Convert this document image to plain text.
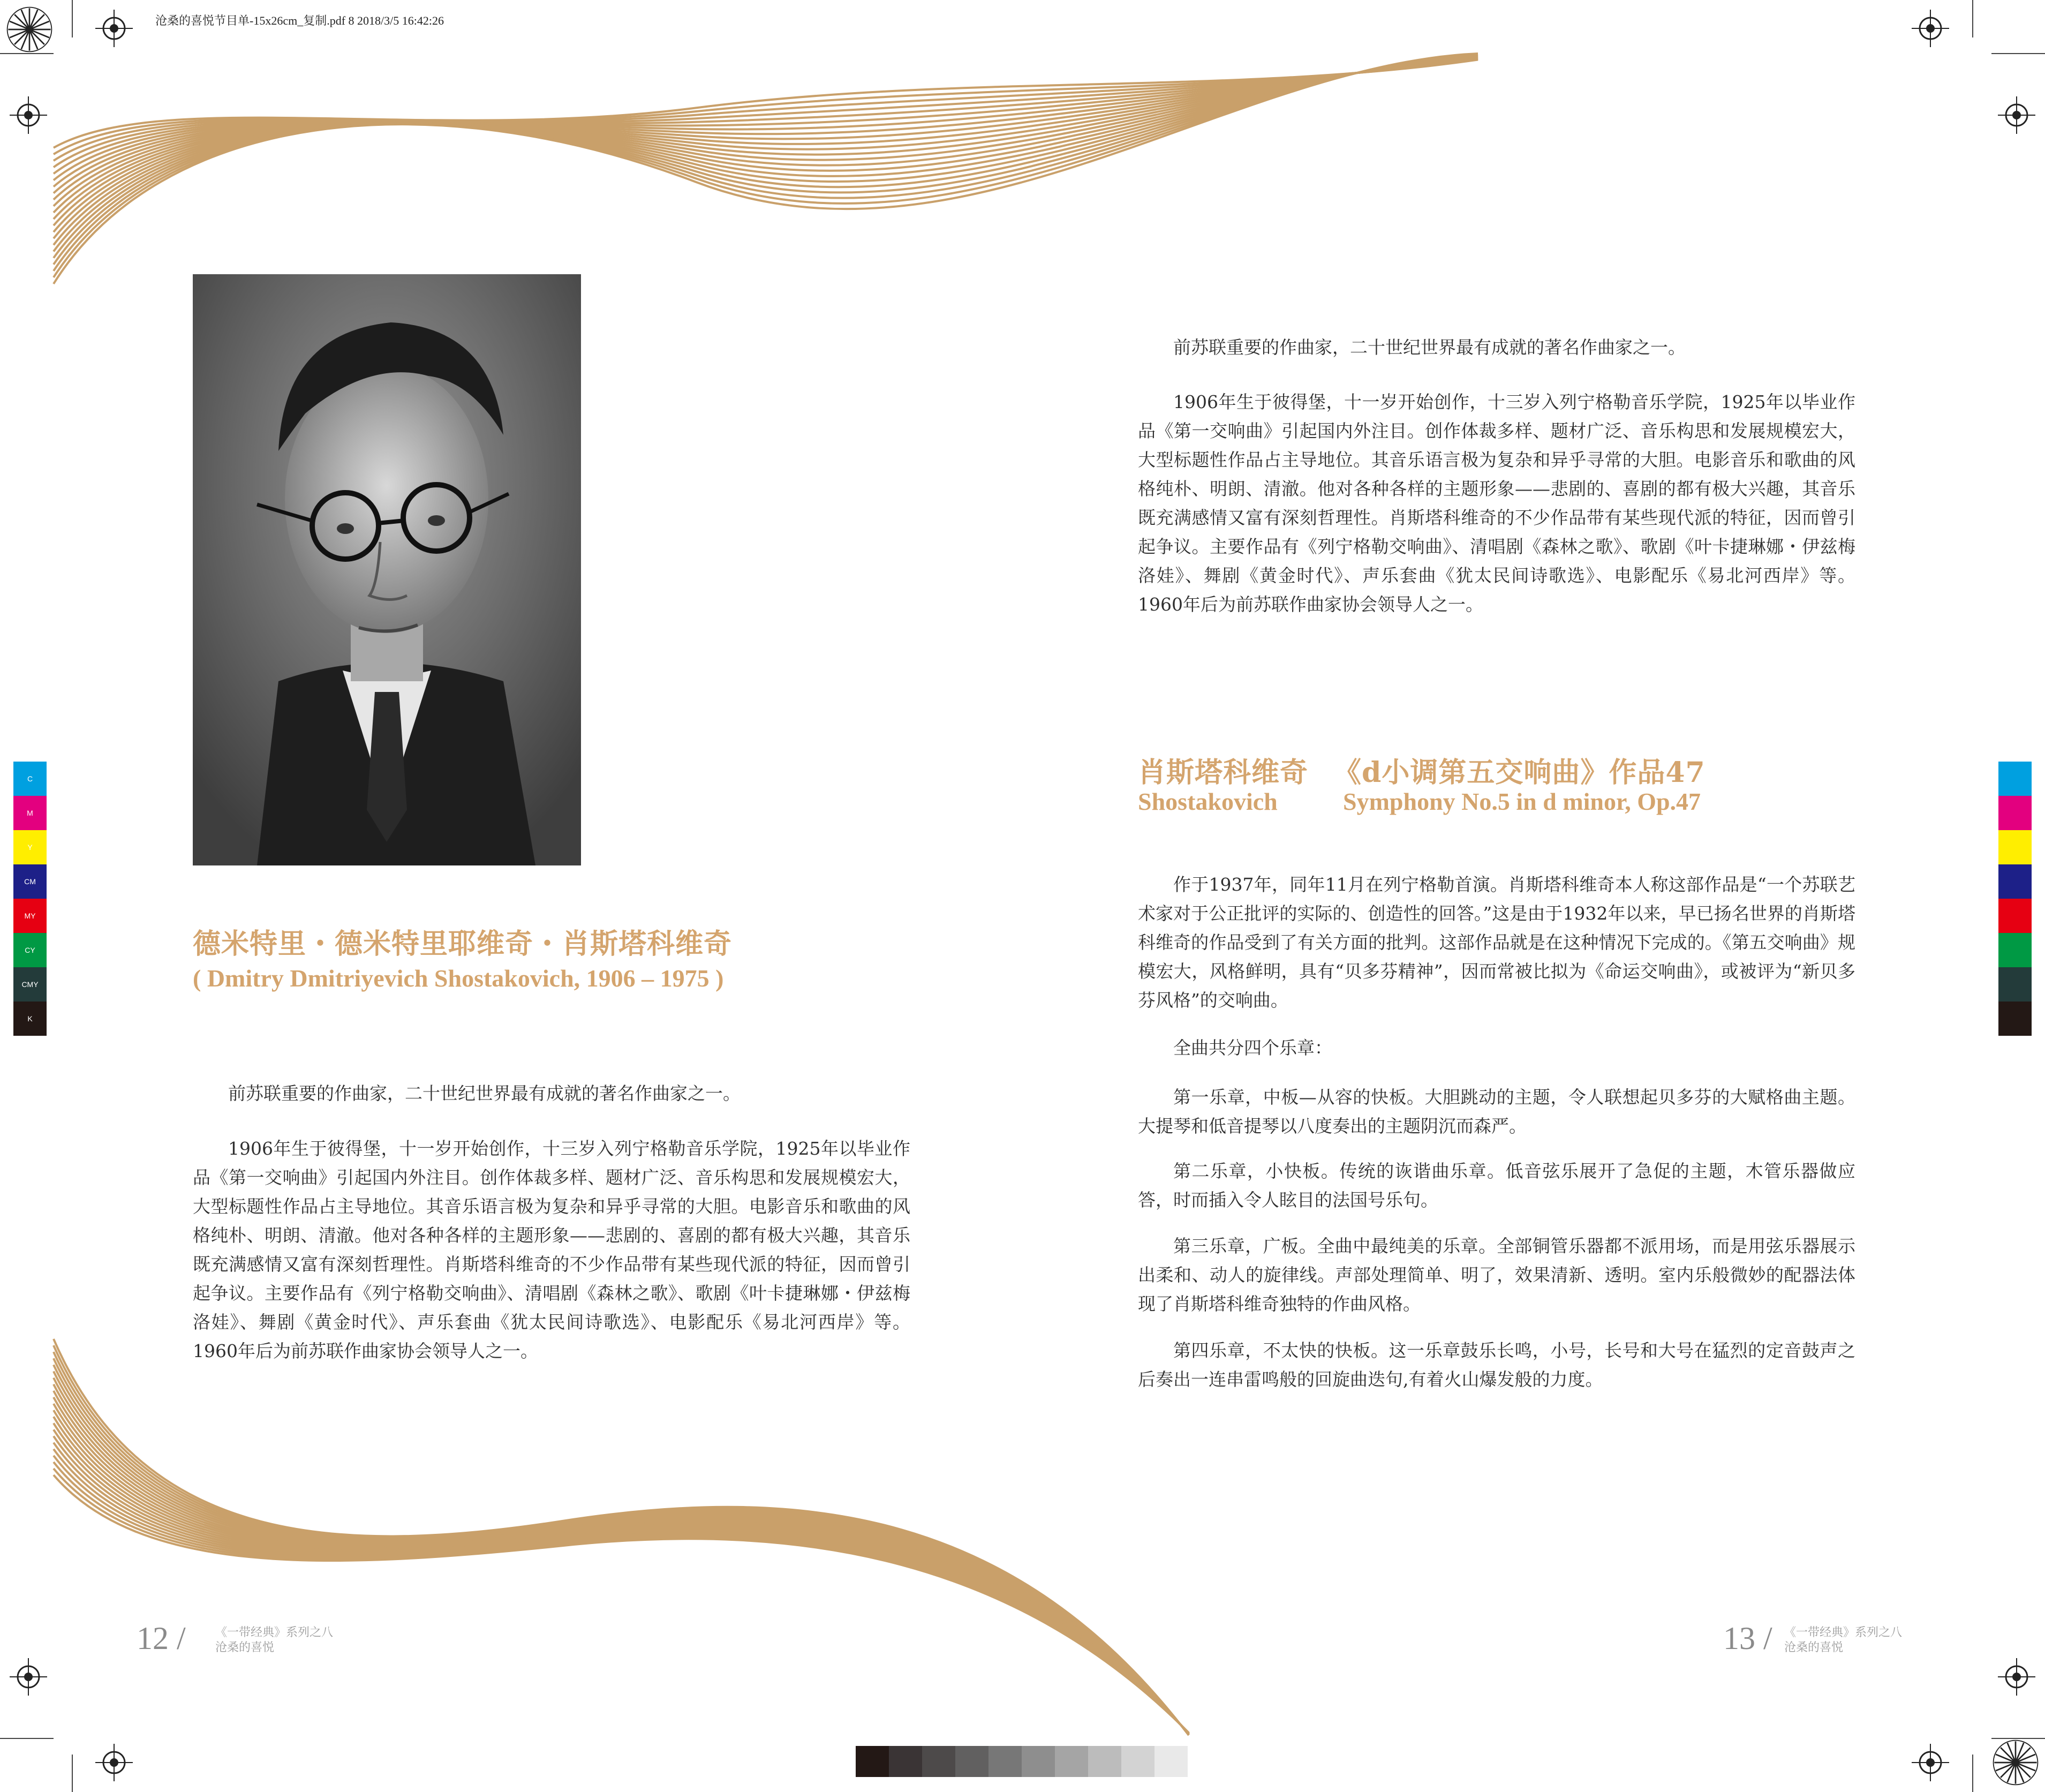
沧桑的喜悦节目单-15x26cm_复制.pdf 8 2018/3/5 16:42:26
德米特里・德米特里耶维奇・肖斯塔科维奇
( Dmitry Dmitriyevich Shostakovich, 1906 – 1975 )

前苏联重要的作曲家，二十世纪世界最有成就的著名作曲家之一。

1906年生于彼得堡，十一岁开始创作，十三岁入列宁格勒音乐学院，1925年以毕业作品《第一交响曲》引起国内外注目。创作体裁多样、题材广泛、音乐构思和发展规模宏大，大型标题性作品占主导地位。其音乐语言极为复杂和异乎寻常的大胆。电影音乐和歌曲的风格纯朴、明朗、清澈。他对各种各样的主题形象——悲剧的、喜剧的都有极大兴趣，其音乐既充满感情又富有深刻哲理性。肖斯塔科维奇的不少作品带有某些现代派的特征，因而曾引起争议。主要作品有《列宁格勒交响曲》、清唱剧《森林之歌》、歌剧《叶卡捷琳娜・伊兹梅洛娃》、舞剧《黄金时代》、声乐套曲《犹太民间诗歌选》、电影配乐《易北河西岸》等。1960年后为前苏联作曲家协会领导人之一。

12 /	《一带经典》系列之八
沧桑的喜悦

前苏联重要的作曲家，二十世纪世界最有成就的著名作曲家之一。

1906年生于彼得堡，十一岁开始创作，十三岁入列宁格勒音乐学院，1925年以毕业作品《第一交响曲》引起国内外注目。创作体裁多样、题材广泛、音乐构思和发展规模宏大，大型标题性作品占主导地位。其音乐语言极为复杂和异乎寻常的大胆。电影音乐和歌曲的风格纯朴、明朗、清澈。他对各种各样的主题形象——悲剧的、喜剧的都有极大兴趣，其音乐既充满感情又富有深刻哲理性。肖斯塔科维奇的不少作品带有某些现代派的特征，因而曾引起争议。主要作品有《列宁格勒交响曲》、清唱剧《森林之歌》、歌剧《叶卡捷琳娜・伊兹梅洛娃》、舞剧《黄金时代》、声乐套曲《犹太民间诗歌选》、电影配乐《易北河西岸》等。1960年后为前苏联作曲家协会领导人之一。

肖斯塔科维奇 《d小调第五交响曲》作品47
Shostakovich	Symphony No.5 in d minor, Op.47

作于1937年，同年11月在列宁格勒首演。肖斯塔科维奇本人称这部作品是“一个苏联艺术家对于公正批评的实际的、创造性的回答。”这是由于1932年以来，早已扬名世界的肖斯塔科维奇的作品受到了有关方面的批判。这部作品就是在这种情况下完成的。《第五交响曲》规模宏大，风格鲜明，具有“贝多芬精神”，因而常被比拟为《命运交响曲》，或被评为“新贝多芬风格”的交响曲。

全曲共分四个乐章：

第一乐章，中板—从容的快板。大胆跳动的主题，令人联想起贝多芬的大赋格曲主题。大提琴和低音提琴以八度奏出的主题阴沉而森严。

第二乐章，小快板。传统的诙谐曲乐章。低音弦乐展开了急促的主题，木管乐器做应答，时而插入令人眩目的法国号乐句。

第三乐章，广板。全曲中最纯美的乐章。全部铜管乐器都不派用场，而是用弦乐器展示出柔和、动人的旋律线。声部处理简单、明了，效果清新、透明。室内乐般微妙的配器法体现了肖斯塔科维奇独特的作曲风格。

第四乐章，不太快的快板。这一乐章鼓乐长鸣，小号，长号和大号在猛烈的定音鼓声之后奏出一连串雷鸣般的回旋曲迭句,有着火山爆发般的力度。

13 / 《一带经典》系列之八
沧桑的喜悦
C
M
Y
CM
MY
CY
CMY
K
